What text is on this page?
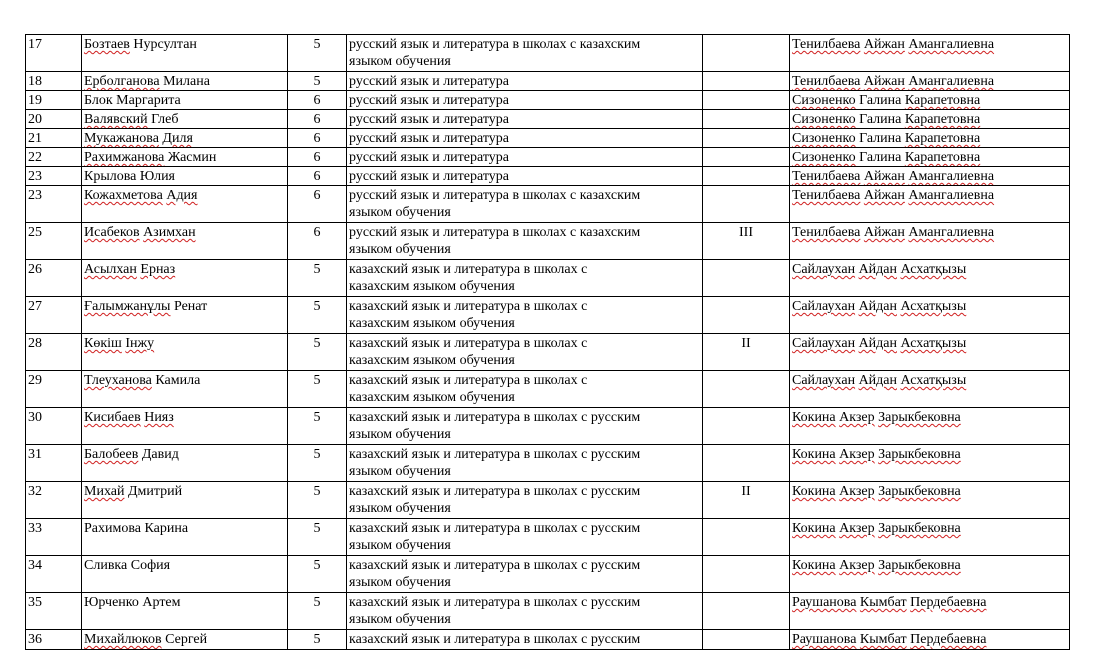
17	Бозтаев Нурсултан	5	русский язык и литература в школах с казахским
языком обучения		Тенилбаева Айжан Амангалиевна
18	Ерболганова Милана	5	русский язык и литература		Тенилбаева Айжан Амангалиевна
19	Блок Маргарита	6	русский язык и литература		Сизоненко Галина Карапетовна
20	Валявский Глеб	6	русский язык и литература		Сизоненко Галина Карапетовна
21	Мукажанова Диля	6	русский язык и литература		Сизоненко Галина Карапетовна
22	Рахимжанова Жасмин	6	русский язык и литература		Сизоненко Галина Карапетовна
23	Крылова Юлия	6	русский язык и литература		Тенилбаева Айжан Амангалиевна
23	Кожахметова Адия	6	русский язык и литература в школах с казахским
языком обучения		Тенилбаева Айжан Амангалиевна
25	Исабеков Азимхан	6	русский язык и литература в школах с казахским
языком обучения	III	Тенилбаева Айжан Амангалиевна
26	Асылхан Ерназ	5	казахский язык и литература в школах с
казахским языком обучения		Сайлаухан Айдан Асхатқызы
27	Ғалымжанұлы Ренат	5	казахский язык и литература в школах с
казахским языком обучения		Сайлаухан Айдан Асхатқызы
28	Көкіш Інжу	5	казахский язык и литература в школах с
казахским языком обучения	II	Сайлаухан Айдан Асхатқызы
29	Тлеуханова Камила	5	казахский язык и литература в школах с
казахским языком обучения		Сайлаухан Айдан Асхатқызы
30	Кисибаев Нияз	5	казахский язык и литература в школах с русским
языком обучения		Кокина Акзер Зарыкбековна
31	Балобеев Давид	5	казахский язык и литература в школах с русским
языком обучения		Кокина Акзер Зарыкбековна
32	Михай Дмитрий	5	казахский язык и литература в школах с русским
языком обучения	II	Кокина Акзер Зарыкбековна
33	Рахимова Карина	5	казахский язык и литература в школах с русским
языком обучения		Кокина Акзер Зарыкбековна
34	Сливка София	5	казахский язык и литература в школах с русским
языком обучения		Кокина Акзер Зарыкбековна
35	Юрченко Артем	5	казахский язык и литература в школах с русским
языком обучения		Раушанова Кымбат Пердебаевна
36	Михайлюков Сергей	5	казахский язык и литература в школах с русским		Раушанова Кымбат Пердебаевна
